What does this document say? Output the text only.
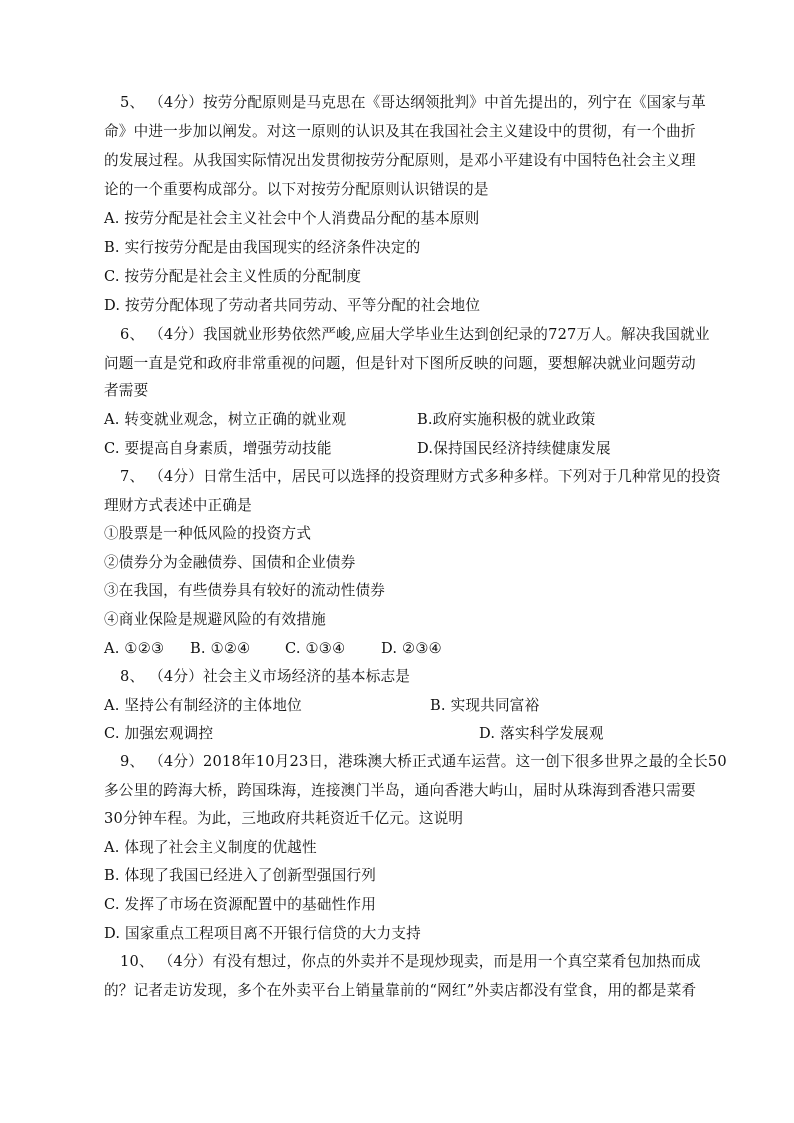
5、 （4分）按劳分配原则是马克思在《哥达纲领批判》中首先提出的，列宁在《国家与革
命》中进一步加以阐发。对这一原则的认识及其在我国社会主义建设中的贯彻，有一个曲折
的发展过程。从我国实际情况出发贯彻按劳分配原则，是邓小平建设有中国特色社会主义理
论的一个重要构成部分。以下对按劳分配原则认识错误的是
A. 按劳分配是社会主义社会中个人消费品分配的基本原则
B. 实行按劳分配是由我国现实的经济条件决定的
C. 按劳分配是社会主义性质的分配制度
D. 按劳分配体现了劳动者共同劳动、平等分配的社会地位
6、 （4分）我国就业形势依然严峻,应届大学毕业生达到创纪录的727万人。解决我国就业
问题一直是党和政府非常重视的问题，但是针对下图所反映的问题，要想解决就业问题劳动
者需要
A. 转变就业观念，树立正确的就业观	B.政府实施积极的就业政策
C. 要提高自身素质，增强劳动技能	D.保持国民经济持续健康发展
7、 （4分）日常生活中，居民可以选择的投资理财方式多种多样。下列对于几种常见的投资
理财方式表述中正确是
①股票是一种低风险的投资方式
②债券分为金融债券、国债和企业债券
③在我国，有些债券具有较好的流动性债券
④商业保险是规避风险的有效措施
A. ①②③ B. ①②④ C. ①③④ D. ②③④
8、 （4分）社会主义市场经济的基本标志是
A. 坚持公有制经济的主体地位	B. 实现共同富裕
C. 加强宏观调控	D. 落实科学发展观
9、 （4分）2018年10月23日，港珠澳大桥正式通车运营。这一创下很多世界之最的全长50
多公里的跨海大桥，跨国珠海，连接澳门半岛，通向香港大屿山，届时从珠海到香港只需要
30分钟车程。为此，三地政府共耗资近千亿元。这说明
A. 体现了社会主义制度的优越性
B. 体现了我国已经进入了创新型强国行列
C. 发挥了市场在资源配置中的基础性作用
D. 国家重点工程项目离不开银行信贷的大力支持
10、 （4分）有没有想过，你点的外卖并不是现炒现卖，而是用一个真空菜肴包加热而成
的？记者走访发现，多个在外卖平台上销量靠前的“网红”外卖店都没有堂食，用的都是菜肴
